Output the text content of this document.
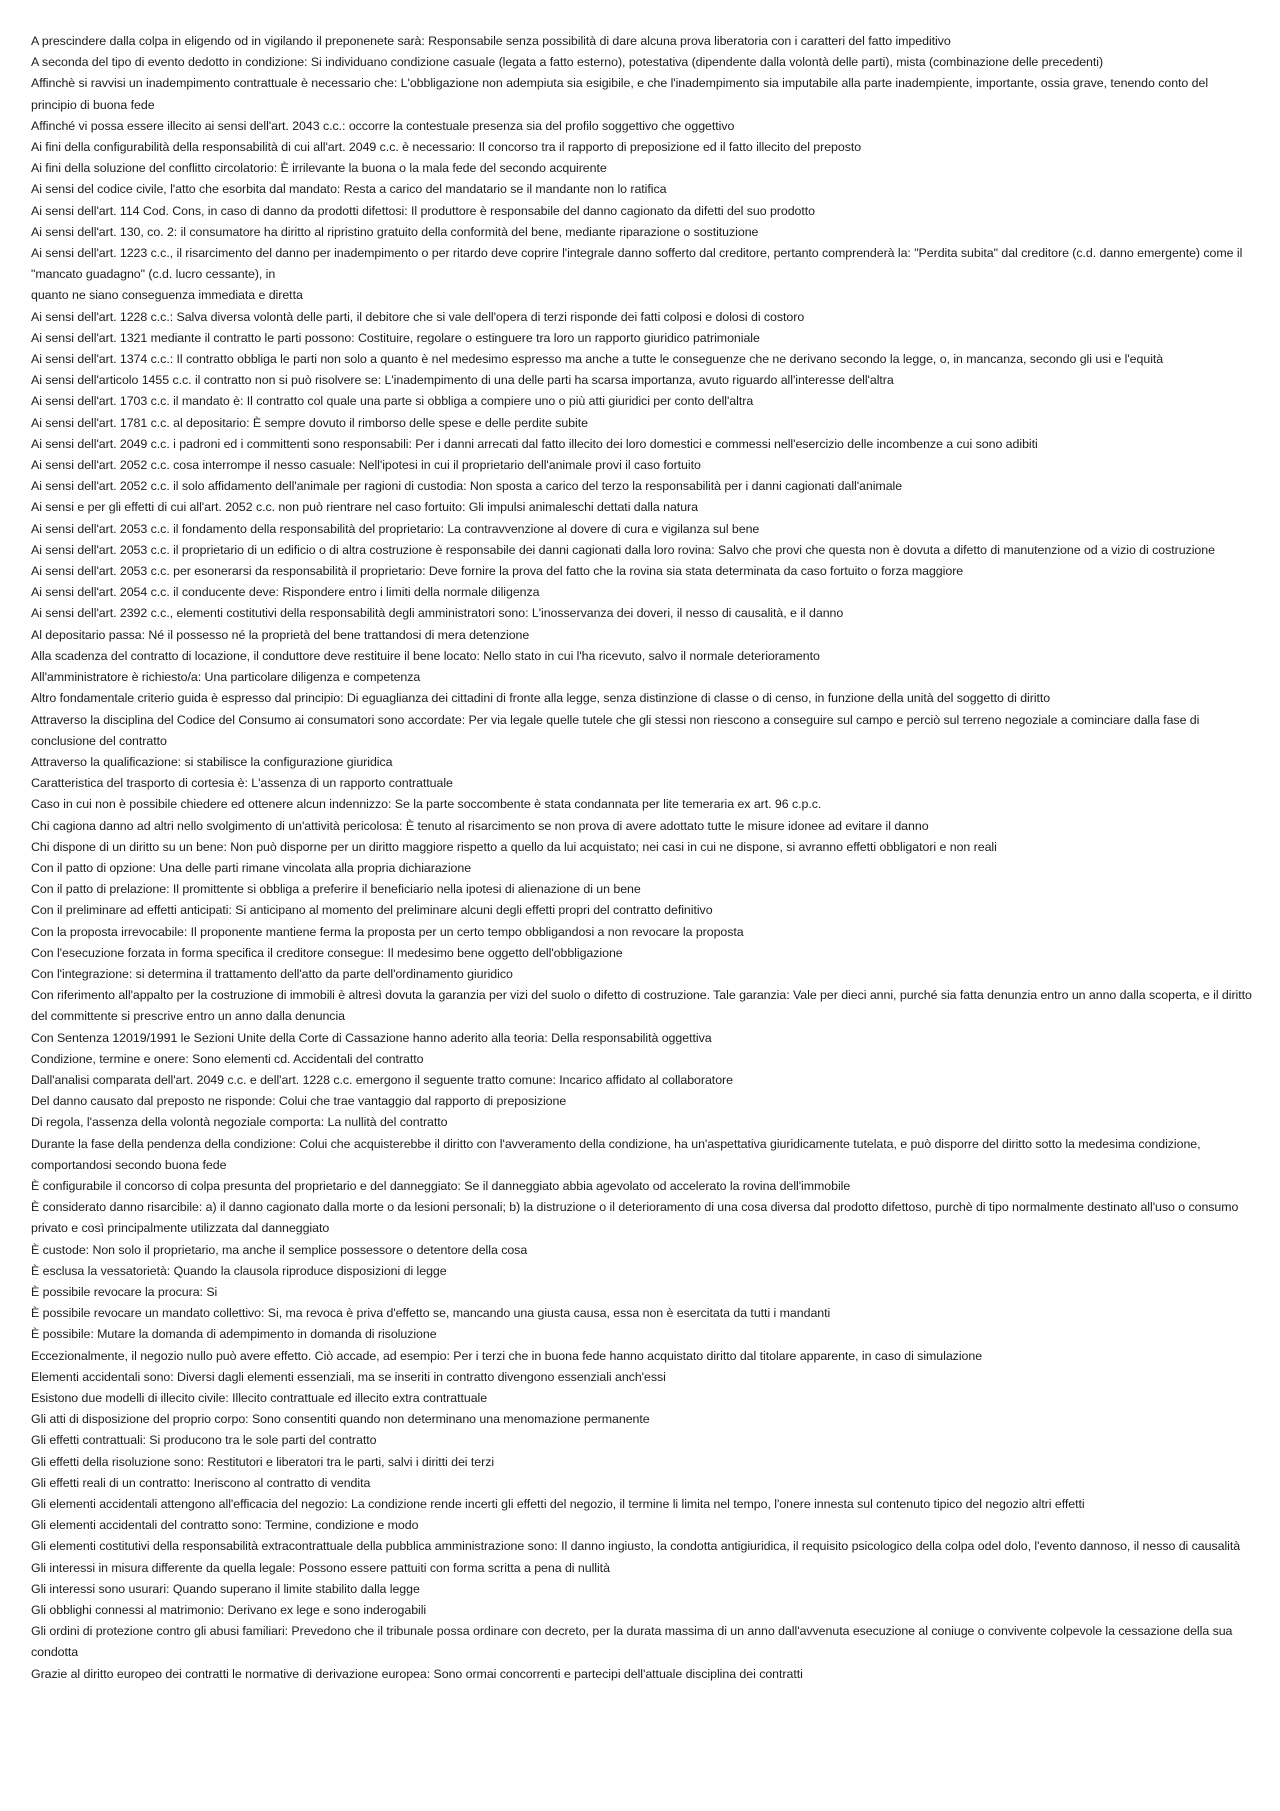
A prescindere dalla colpa in eligendo od in vigilando il preponenete sarà: Responsabile senza possibilità di dare alcuna prova liberatoria con i caratteri del fatto impeditivo

A seconda del tipo di evento dedotto in condizione: Si individuano condizione casuale (legata a fatto esterno), potestativa (dipendente dalla volontà delle parti), mista (combinazione delle precedenti)

Affinchè si ravvisi un inadempimento contrattuale è necessario che: L'obbligazione non adempiuta sia esigibile, e che l'inadempimento sia imputabile alla parte inadempiente, importante, ossia grave, tenendo conto del principio di buona fede

Affinché vi possa essere illecito ai sensi dell'art. 2043 c.c.: occorre la contestuale presenza sia del profilo soggettivo che oggettivo

Ai fini della configurabilità della responsabilità di cui all'art. 2049 c.c. è necessario: Il concorso tra il rapporto di preposizione ed il fatto illecito del preposto

Ai fini della soluzione del conflitto circolatorio: È irrilevante la buona o la mala fede del secondo acquirente

Ai sensi del codice civile, l'atto che esorbita dal mandato: Resta a carico del mandatario se il mandante non lo ratifica

Ai sensi dell'art. 114 Cod. Cons, in caso di danno da prodotti difettosi: Il produttore è responsabile del danno cagionato da difetti del suo prodotto

Ai sensi dell'art. 130, co. 2: il consumatore ha diritto al ripristino gratuito della conformità del bene, mediante riparazione o sostituzione

Ai sensi dell'art. 1223 c.c., il risarcimento del danno per inadempimento o per ritardo deve coprire l'integrale danno sofferto dal creditore, pertanto comprenderà la: "Perdita subita" dal creditore (c.d. danno emergente) come il "mancato guadagno" (c.d. lucro cessante), in

quanto ne siano conseguenza immediata e diretta

Ai sensi dell'art. 1228 c.c.: Salva diversa volontà delle parti, il debitore che si vale dell'opera di terzi risponde dei fatti colposi e dolosi di costoro

Ai sensi dell'art. 1321 mediante il contratto le parti possono: Costituire, regolare o estinguere tra loro un rapporto giuridico patrimoniale

Ai sensi dell'art. 1374 c.c.: Il contratto obbliga le parti non solo a quanto è nel medesimo espresso ma anche a tutte le conseguenze che ne derivano secondo la legge, o, in mancanza, secondo gli usi e l'equità

Ai sensi dell'articolo 1455 c.c. il contratto non si può risolvere se: L'inadempimento di una delle parti ha scarsa importanza, avuto riguardo all'interesse dell'altra

Ai sensi dell'art. 1703 c.c. il mandato è: Il contratto col quale una parte si obbliga a compiere uno o più atti giuridici per conto dell'altra

Ai sensi dell'art. 1781 c.c. al depositario: È sempre dovuto il rimborso delle spese e delle perdite subite

Ai sensi dell'art. 2049 c.c. i padroni ed i committenti sono responsabili: Per i danni arrecati dal fatto illecito dei loro domestici e commessi nell'esercizio delle incombenze a cui sono adibiti

Ai sensi dell'art. 2052 c.c. cosa interrompe il nesso casuale: Nell'ipotesi in cui il proprietario dell'animale provi il caso fortuito

Ai sensi dell'art. 2052 c.c. il solo affidamento dell'animale per ragioni di custodia: Non sposta a carico del terzo la responsabilità per i danni cagionati dall'animale

Ai sensi e per gli effetti di cui all'art. 2052 c.c. non può rientrare nel caso fortuito: Gli impulsi animaleschi dettati dalla natura

Ai sensi dell'art. 2053 c.c. il fondamento della responsabilità del proprietario: La contravvenzione al dovere di cura e vigilanza sul bene

Ai sensi dell'art. 2053 c.c. il proprietario di un edificio o di altra costruzione è responsabile dei danni cagionati dalla loro rovina: Salvo che provi che questa non è dovuta a difetto di manutenzione od a vizio di costruzione

Ai sensi dell'art. 2053 c.c. per esonerarsi da responsabilità il proprietario: Deve fornire la prova del fatto che la rovina sia stata determinata da caso fortuito o forza maggiore

Ai sensi dell'art. 2054 c.c. il conducente deve: Rispondere entro i limiti della normale diligenza

Ai sensi dell'art. 2392 c.c., elementi costitutivi della responsabilità degli amministratori sono: L'inosservanza dei doveri, il nesso di causalità, e il danno

Al depositario passa: Né il possesso né la proprietà del bene trattandosi di mera detenzione

Alla scadenza del contratto di locazione, il conduttore deve restituire il bene locato: Nello stato in cui l'ha ricevuto, salvo il normale deterioramento

All'amministratore è richiesto/a: Una particolare diligenza e competenza

Altro fondamentale criterio guida è espresso dal principio: Di eguaglianza dei cittadini di fronte alla legge, senza distinzione di classe o di censo, in funzione della unità del soggetto di diritto

Attraverso la disciplina del Codice del Consumo ai consumatori sono accordate: Per via legale quelle tutele che gli stessi non riescono a conseguire sul campo e perciò sul terreno negoziale a cominciare dalla fase di conclusione del contratto

Attraverso la qualificazione: si stabilisce la configurazione giuridica

Caratteristica del trasporto di cortesia è: L'assenza di un rapporto contrattuale

Caso in cui non è possibile chiedere ed ottenere alcun indennizzo: Se la parte soccombente è stata condannata per lite temeraria ex art. 96 c.p.c.

Chi cagiona danno ad altri nello svolgimento di un'attività pericolosa: È tenuto al risarcimento se non prova di avere adottato tutte le misure idonee ad evitare il danno

Chi dispone di un diritto su un bene: Non può disporne per un diritto maggiore rispetto a quello da lui acquistato; nei casi in cui ne dispone, si avranno effetti obbligatori e non reali

Con il patto di opzione: Una delle parti rimane vincolata alla propria dichiarazione

Con il patto di prelazione: Il promittente si obbliga a preferire il beneficiario nella ipotesi di alienazione di un bene

Con il preliminare ad effetti anticipati: Si anticipano al momento del preliminare alcuni degli effetti propri del contratto definitivo

Con la proposta irrevocabile: Il proponente mantiene ferma la proposta per un certo tempo obbligandosi a non revocare la proposta

Con l'esecuzione forzata in forma specifica il creditore consegue: Il medesimo bene oggetto dell'obbligazione

Con l'integrazione: si determina il trattamento dell'atto da parte dell'ordinamento giuridico

Con riferimento all'appalto per la costruzione di immobili è altresì dovuta la garanzia per vizi del suolo o difetto di costruzione. Tale garanzia: Vale per dieci anni, purché sia fatta denunzia entro un anno dalla scoperta, e il diritto del committente si prescrive entro un anno dalla denuncia

Con Sentenza 12019/1991 le Sezioni Unite della Corte di Cassazione hanno aderito alla teoria: Della responsabilità oggettiva

Condizione, termine e onere: Sono elementi cd. Accidentali del contratto

Dall'analisi comparata dell'art. 2049 c.c. e dell'art. 1228 c.c. emergono il seguente tratto comune: Incarico affidato al collaboratore

Del danno causato dal preposto ne risponde: Colui che trae vantaggio dal rapporto di preposizione

Di regola, l'assenza della volontà negoziale comporta: La nullità del contratto

Durante la fase della pendenza della condizione: Colui che acquisterebbe il diritto con l'avveramento della condizione, ha un'aspettativa giuridicamente tutelata, e può disporre del diritto sotto la medesima condizione, comportandosi secondo buona fede

È configurabile il concorso di colpa presunta del proprietario e del danneggiato: Se il danneggiato abbia agevolato od accelerato la rovina dell'immobile

È considerato danno risarcibile: a) il danno cagionato dalla morte o da lesioni personali; b) la distruzione o il deterioramento di una cosa diversa dal prodotto difettoso, purchè di tipo normalmente destinato all'uso o consumo privato e così principalmente utilizzata dal danneggiato

È custode: Non solo il proprietario, ma anche il semplice possessore o detentore della cosa

È esclusa la vessatorietà: Quando la clausola riproduce disposizioni di legge

È possibile revocare la procura: Si

È possibile revocare un mandato collettivo: Si, ma revoca è priva d'effetto se, mancando una giusta causa, essa non è esercitata da tutti i mandanti

È possibile: Mutare la domanda di adempimento in domanda di risoluzione

Eccezionalmente, il negozio nullo può avere effetto. Ciò accade, ad esempio: Per i terzi che in buona fede hanno acquistato diritto dal titolare apparente, in caso di simulazione

Elementi accidentali sono: Diversi dagli elementi essenziali, ma se inseriti in contratto divengono essenziali anch'essi

Esistono due modelli di illecito civile: Illecito contrattuale ed illecito extra contrattuale

Gli atti di disposizione del proprio corpo: Sono consentiti quando non determinano una menomazione permanente

Gli effetti contrattuali: Si producono tra le sole parti del contratto

Gli effetti della risoluzione sono: Restitutori e liberatori tra le parti, salvi i diritti dei terzi

Gli effetti reali di un contratto: Ineriscono al contratto di vendita

Gli elementi accidentali attengono all'efficacia del negozio: La condizione rende incerti gli effetti del negozio, il termine li limita nel tempo, l'onere innesta sul contenuto tipico del negozio altri effetti

Gli elementi accidentali del contratto sono: Termine, condizione e modo

Gli elementi costitutivi della responsabilità extracontrattuale della pubblica amministrazione sono: Il danno ingiusto, la condotta antigiuridica, il requisito psicologico della colpa odel dolo, l'evento dannoso, il nesso di causalità

Gli interessi in misura differente da quella legale: Possono essere pattuiti con forma scritta a pena di nullità

Gli interessi sono usurari: Quando superano il limite stabilito dalla legge

Gli obblighi connessi al matrimonio: Derivano ex lege e sono inderogabili

Gli ordini di protezione contro gli abusi familiari: Prevedono che il tribunale possa ordinare con decreto, per la durata massima di un anno dall'avvenuta esecuzione al coniuge o convivente colpevole la cessazione della sua condotta

Grazie al diritto europeo dei contratti le normative di derivazione europea: Sono ormai concorrenti e partecipi dell'attuale disciplina dei contratti
